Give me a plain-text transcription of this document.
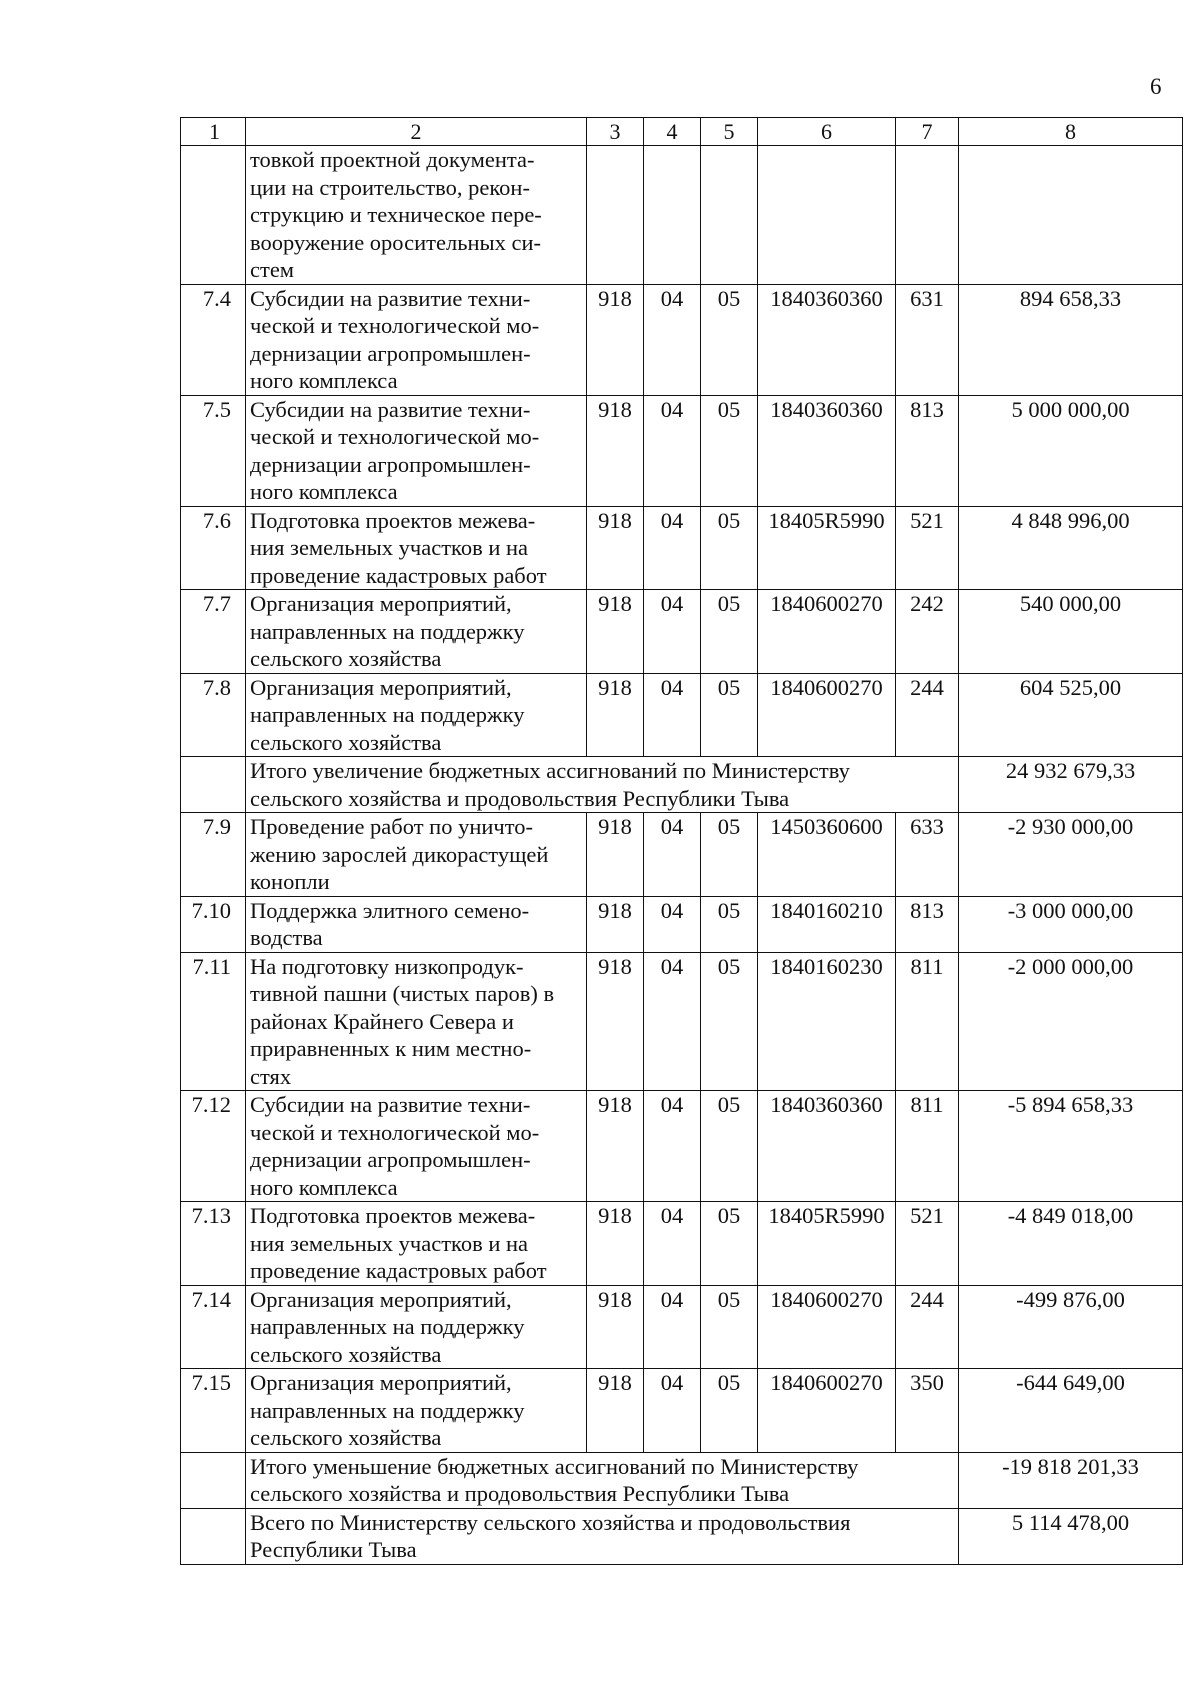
6
1	2	3	4	5	6	7	8
	товкой проектной документа-
ции на строительство, рекон-
струкцию и техническое пере-
вооружение оросительных си-
стем						
7.4	Субсидии на развитие техни-
ческой и технологической мо-
дернизации агропромышлен-
ного комплекса	918	04	05	1840360360	631	894 658,33
7.5	Субсидии на развитие техни-
ческой и технологической мо-
дернизации агропромышлен-
ного комплекса	918	04	05	1840360360	813	5 000 000,00
7.6	Подготовка проектов межева-
ния земельных участков и на
проведение кадастровых работ	918	04	05	18405R5990	521	4 848 996,00
7.7	Организация мероприятий,
направленных на поддержку
сельского хозяйства	918	04	05	1840600270	242	540 000,00
7.8	Организация мероприятий,
направленных на поддержку
сельского хозяйства	918	04	05	1840600270	244	604 525,00
	Итого увеличение бюджетных ассигнований по Министерству
сельского хозяйства и продовольствия Республики Тыва						24 932 679,33
7.9	Проведение работ по уничто-
жению зарослей дикорастущей
конопли	918	04	05	1450360600	633	-2 930 000,00
7.10	Поддержка элитного семено-
водства	918	04	05	1840160210	813	-3 000 000,00
7.11	На подготовку низкопродук-
тивной пашни (чистых паров) в
районах Крайнего Севера и
приравненных к ним местно-
стях	918	04	05	1840160230	811	-2 000 000,00
7.12	Субсидии на развитие техни-
ческой и технологической мо-
дернизации агропромышлен-
ного комплекса	918	04	05	1840360360	811	-5 894 658,33
7.13	Подготовка проектов межева-
ния земельных участков и на
проведение кадастровых работ	918	04	05	18405R5990	521	-4 849 018,00
7.14	Организация мероприятий,
направленных на поддержку
сельского хозяйства	918	04	05	1840600270	244	-499 876,00
7.15	Организация мероприятий,
направленных на поддержку
сельского хозяйства	918	04	05	1840600270	350	-644 649,00
	Итого уменьшение бюджетных ассигнований по Министерству
сельского хозяйства и продовольствия Республики Тыва						-19 818 201,33
	Всего по Министерству сельского хозяйства и продовольствия
Республики Тыва						5 114 478,00
